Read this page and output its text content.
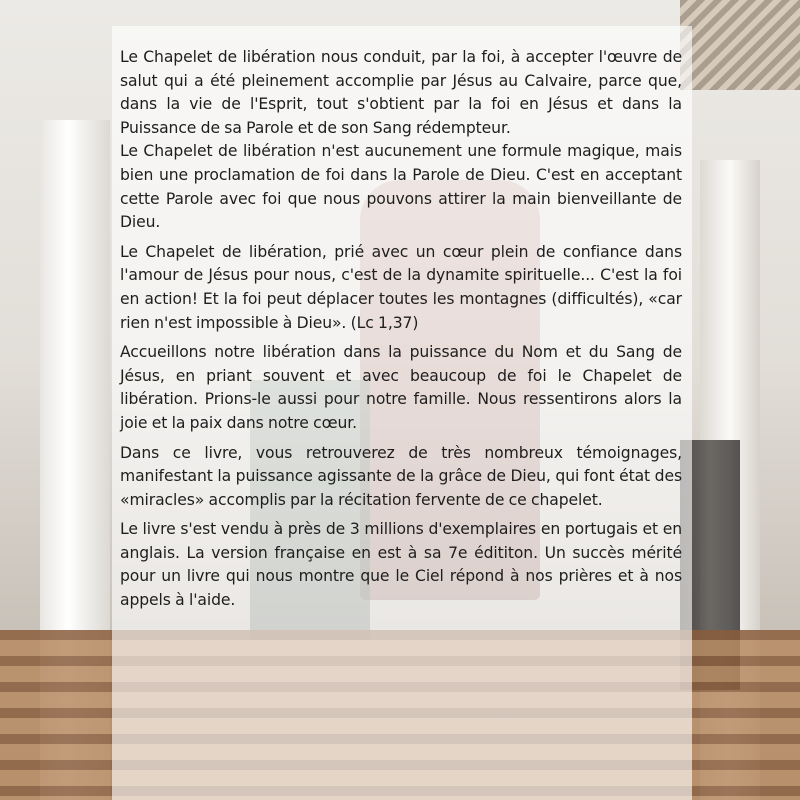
Le Chapelet de libération nous conduit, par la foi, à accepter l'œuvre de salut qui a été pleinement accomplie par Jésus au Calvaire, parce que, dans la vie de l'Esprit, tout s'obtient par la foi en Jésus et dans la Puissance de sa Parole et de son Sang rédempteur.

Le Chapelet de libération n'est aucunement une formule magique, mais bien une proclamation de foi dans la Parole de Dieu. C'est en acceptant cette Parole avec foi que nous pouvons attirer la main bienveillante de Dieu.

Le Chapelet de libération, prié avec un cœur plein de confiance dans l'amour de Jésus pour nous, c'est de la dynamite spirituelle... C'est la foi en action! Et la foi peut déplacer toutes les montagnes (difficultés), «car rien n'est impossible à Dieu». (Lc 1,37)

Accueillons notre libération dans la puissance du Nom et du Sang de Jésus, en priant souvent et avec beaucoup de foi le Chapelet de libération. Prions-le aussi pour notre famille. Nous ressentirons alors la joie et la paix dans notre cœur.

Dans ce livre, vous retrouverez de très nombreux témoignages, manifestant la puissance agissante de la grâce de Dieu, qui font état des «miracles» accomplis par la récitation fervente de ce chapelet.

Le livre s'est vendu à près de 3 millions d'exemplaires en portugais et en anglais. La version française en est à sa 7e édititon. Un succès mérité pour un livre qui nous montre que le Ciel répond à nos prières et à nos appels à l'aide.
